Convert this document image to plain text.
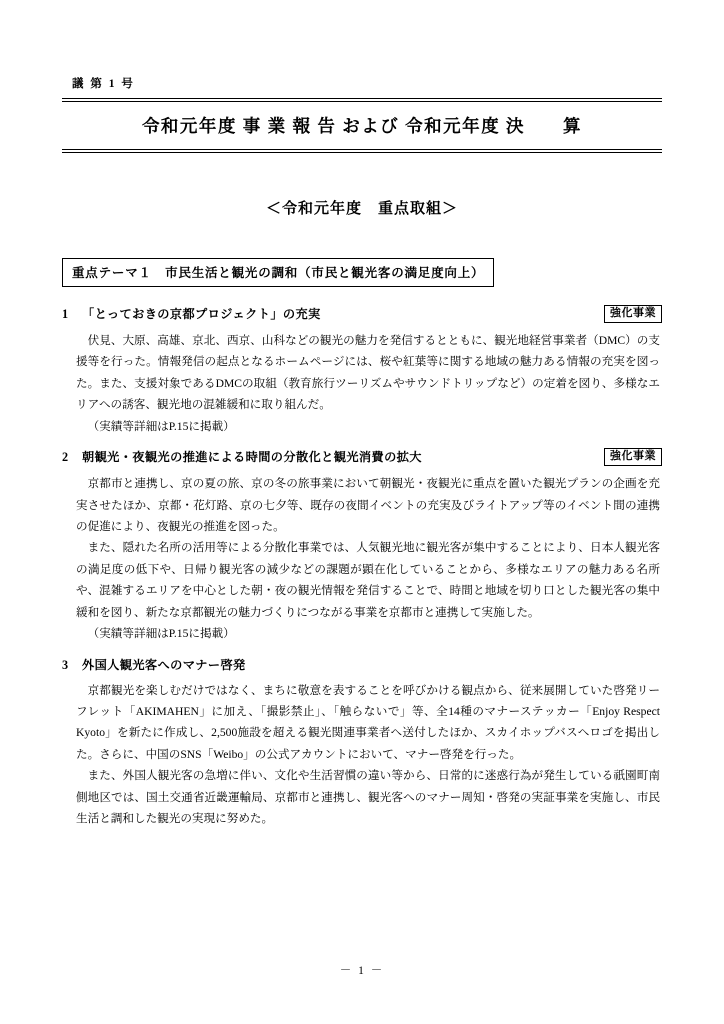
議 第 1 号
令和元年度 事 業 報 告 および 令和元年度 決　　算
＜令和元年度　重点取組＞
重点テーマ１　市民生活と観光の調和（市民と観光客の満足度向上）
1	「とっておきの京都プロジェクト」の充実	強化事業

伏見、大原、高雄、京北、西京、山科などの観光の魅力を発信するとともに、観光地経営事業者（DMC）の支援等を行った。情報発信の起点となるホームページには、桜や紅葉等に関する地域の魅力ある情報の充実を図った。また、支援対象であるDMCの取組（教育旅行ツーリズムやサウンドトリップなど）の定着を図り、多様なエリアへの誘客、観光地の混雑緩和に取り組んだ。

（実績等詳細はP.15に掲載）

2	朝観光・夜観光の推進による時間の分散化と観光消費の拡大	強化事業

京都市と連携し、京の夏の旅、京の冬の旅事業において朝観光・夜観光に重点を置いた観光プランの企画を充実させたほか、京都・花灯路、京の七夕等、既存の夜間イベントの充実及びライトアップ等のイベント間の連携の促進により、夜観光の推進を図った。

また、隠れた名所の活用等による分散化事業では、人気観光地に観光客が集中することにより、日本人観光客の満足度の低下や、日帰り観光客の減少などの課題が顕在化していることから、多様なエリアの魅力ある名所や、混雑するエリアを中心とした朝・夜の観光情報を発信することで、時間と地域を切り口とした観光客の集中緩和を図り、新たな京都観光の魅力づくりにつながる事業を京都市と連携して実施した。

（実績等詳細はP.15に掲載）

3	外国人観光客へのマナー啓発

京都観光を楽しむだけではなく、まちに敬意を表することを呼びかける観点から、従来展開していた啓発リーフレット「AKIMAHEN」に加え、「撮影禁止」、「触らないで」等、全14種のマナーステッカー「Enjoy Respect Kyoto」を新たに作成し、2,500施設を超える観光関連事業者へ送付したほか、スカイホップバスへロゴを掲出した。さらに、中国のSNS「Weibo」の公式アカウントにおいて、マナー啓発を行った。

また、外国人観光客の急増に伴い、文化や生活習慣の違い等から、日常的に迷惑行為が発生している祇園町南側地区では、国土交通省近畿運輸局、京都市と連携し、観光客へのマナー周知・啓発の実証事業を実施し、市民生活と調和した観光の実現に努めた。

－ 1 －
